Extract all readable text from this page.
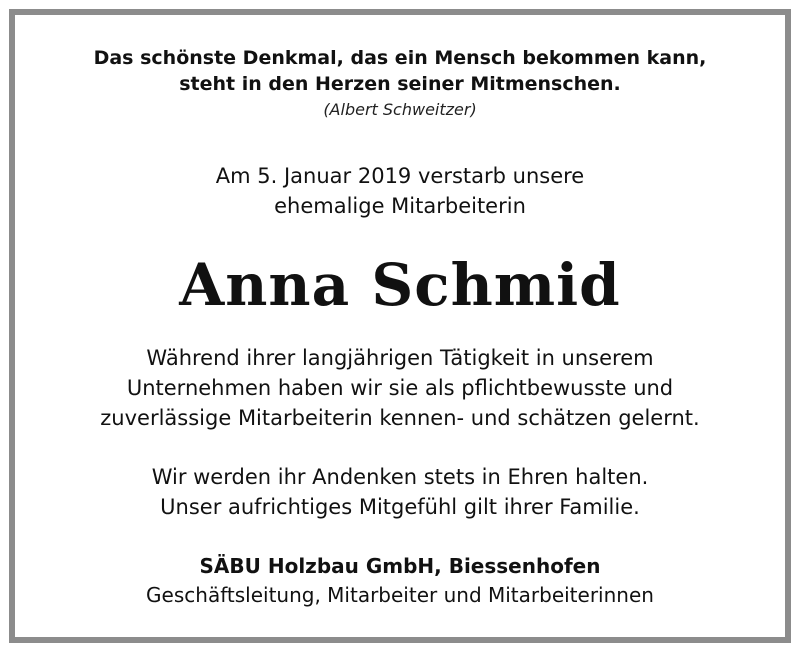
Das schönste Denkmal, das ein Mensch bekommen kann,
steht in den Herzen seiner Mitmenschen.
(Albert Schweitzer)
Am 5. Januar 2019 verstarb unsere
ehemalige Mitarbeiterin
Anna Schmid
Während ihrer langjährigen Tätigkeit in unserem
Unternehmen haben wir sie als pflichtbewusste und
zuverlässige Mitarbeiterin kennen- und schätzen gelernt.
Wir werden ihr Andenken stets in Ehren halten.
Unser aufrichtiges Mitgefühl gilt ihrer Familie.
SÄBU Holzbau GmbH, Biessenhofen
Geschäftsleitung, Mitarbeiter und Mitarbeiterinnen
